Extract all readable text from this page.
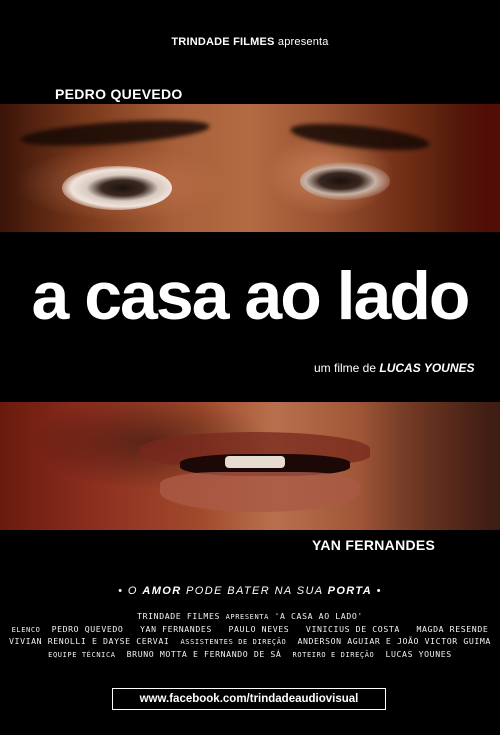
TRINDADE FILMES apresenta
PEDRO QUEVEDO
a casa ao lado
um filme de LUCAS YOUNES
YAN FERNANDES
• O AMOR PODE BATER NA SUA PORTA •
TRINDADE FILMES APRESENTA 'A CASA AO LADO'
ELENCO PEDRO QUEVEDO   YAN FERNANDES   PAULO NEVES   VINICIUS DE COSTA   MAGDA RESENDE
VIVIAN RENOLLI E DAYSE CERVAI ASSISTENTES DE DIREÇÃO ANDERSON AGUIAR E JOÃO VICTOR GUIMA
EQUIPE TÉCNICA BRUNO MOTTA E FERNANDO DE SÁ ROTEIRO E DIREÇÃO LUCAS YOUNES
www.facebook.com/trindadeaudiovisual
